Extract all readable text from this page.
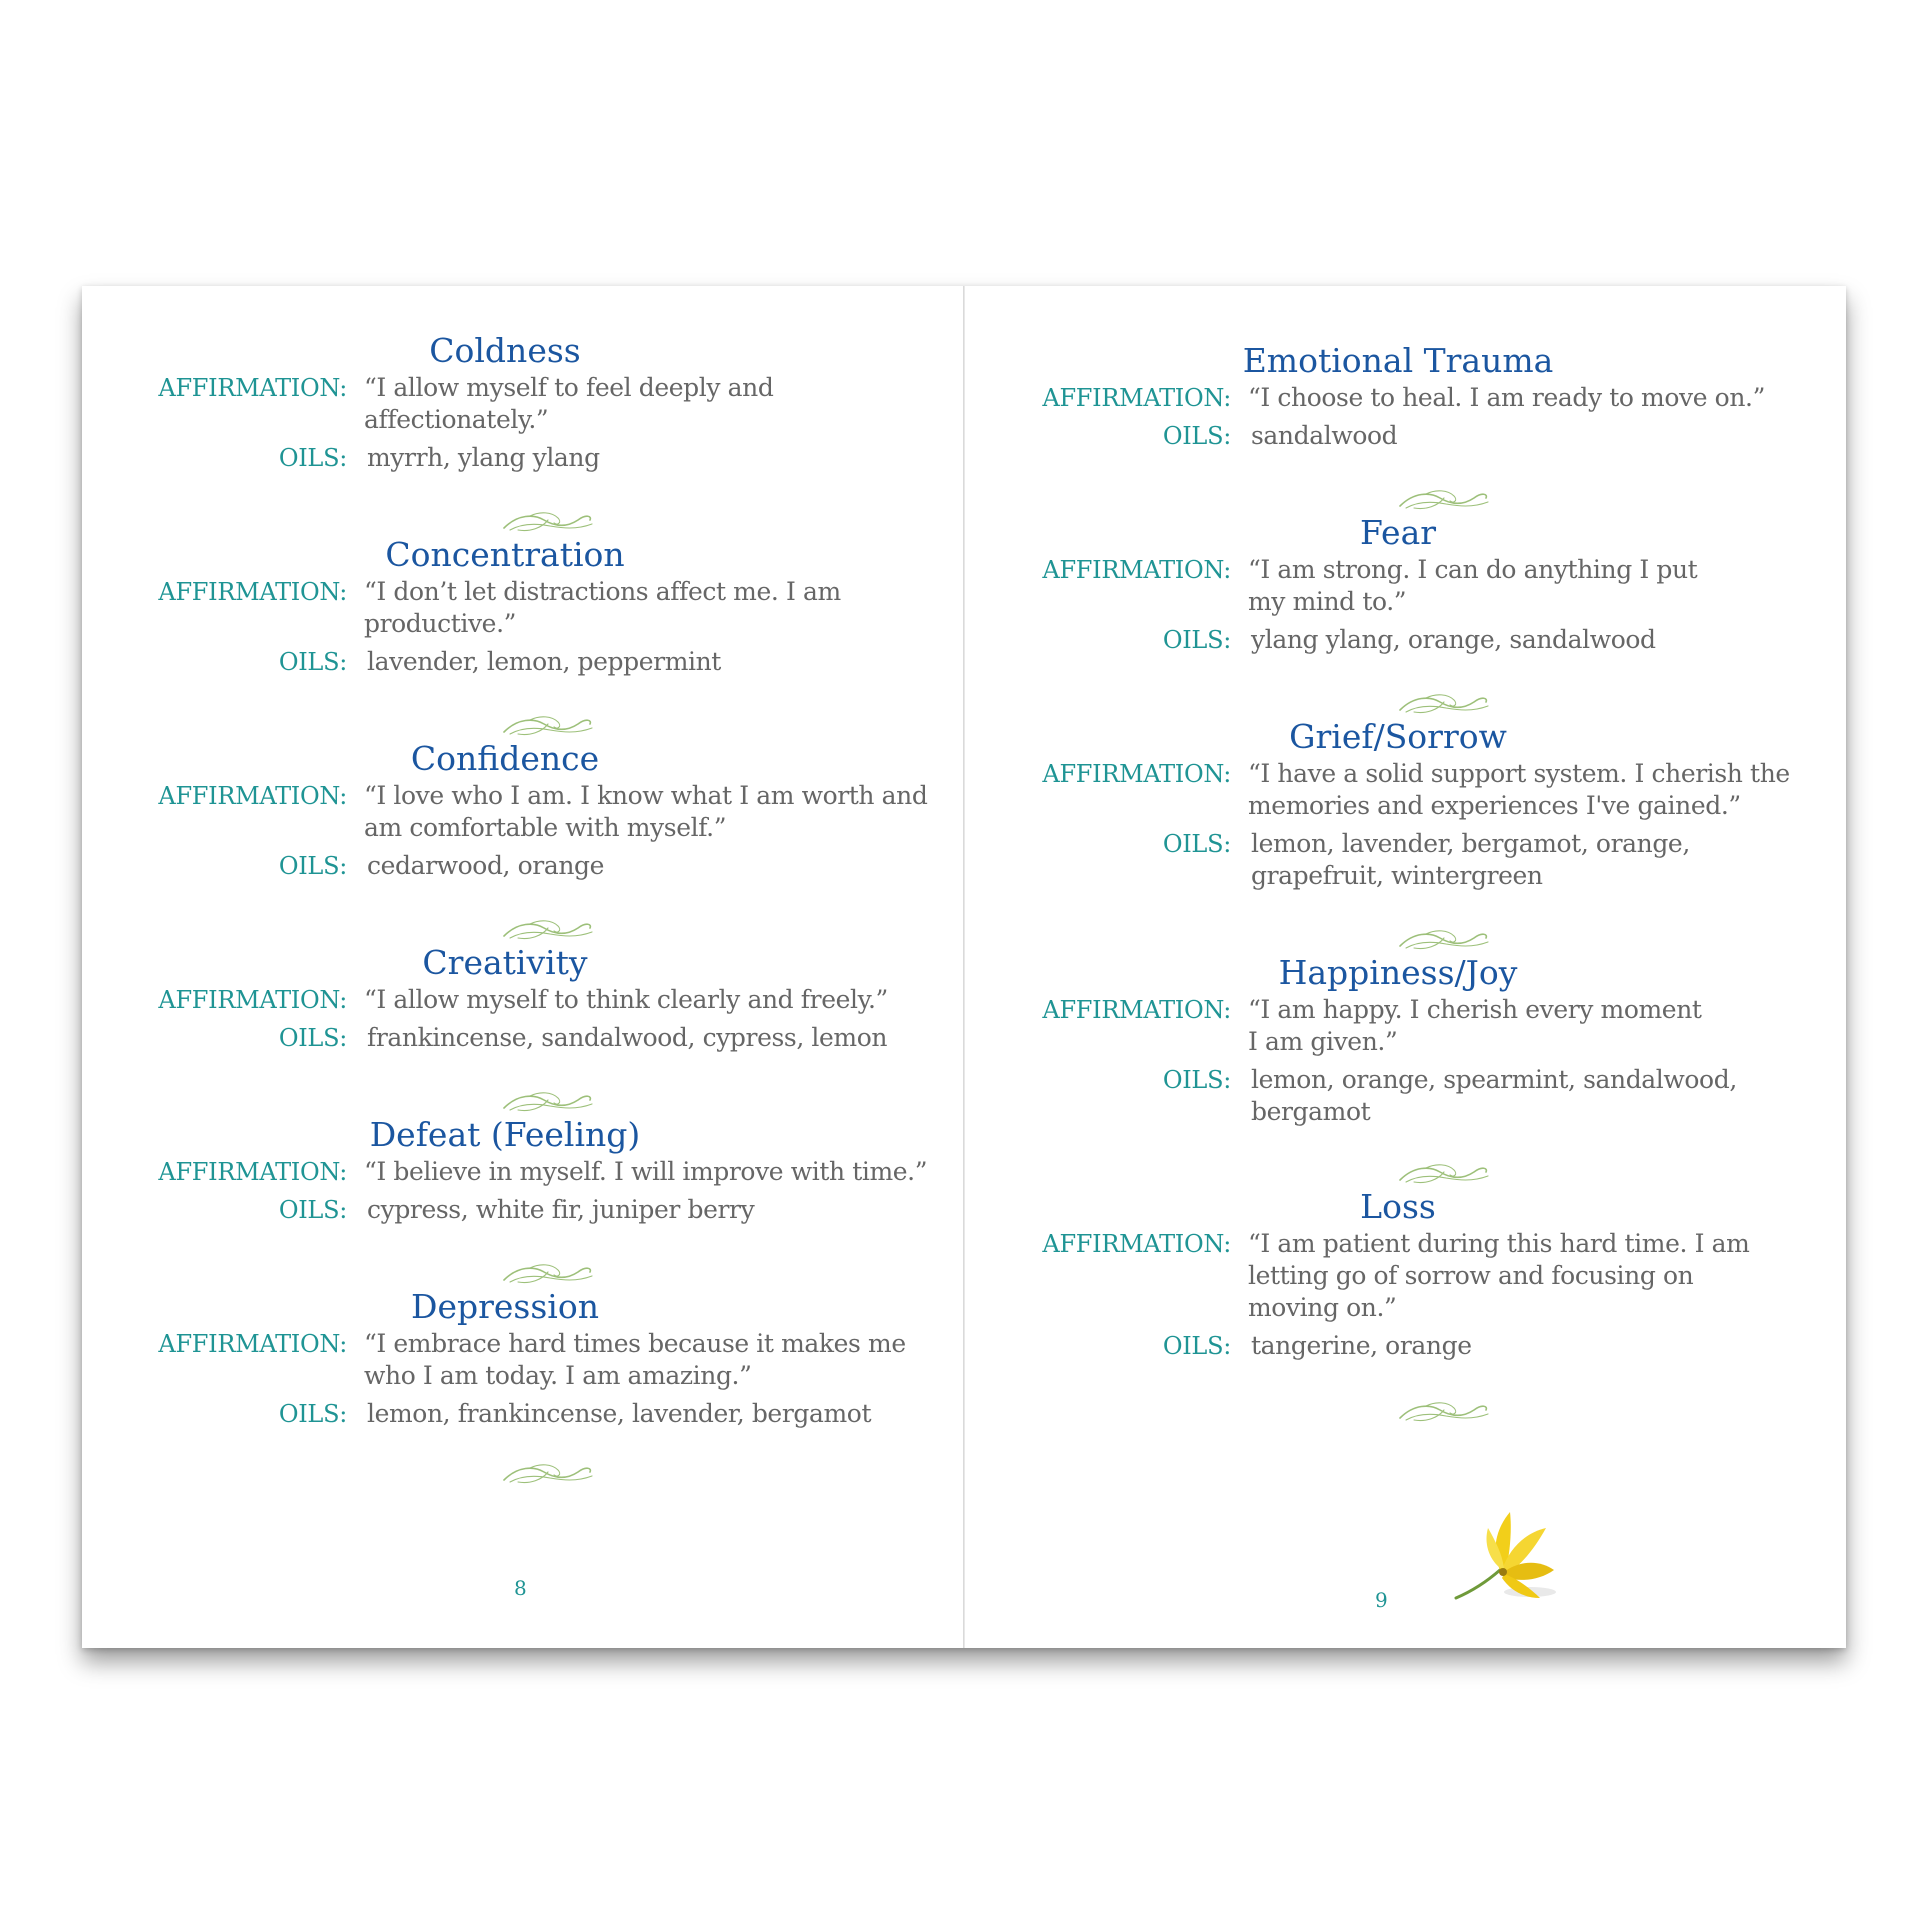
Coldness
AFFIRMATION: “I allow myself to feel deeply and
affectionately.”
OILS: myrrh, ylang ylang
Concentration
AFFIRMATION: “I don’t let distractions affect me. I am
productive.”
OILS: lavender, lemon, peppermint
Confidence
AFFIRMATION: “I love who I am. I know what I am worth and
am comfortable with myself.”
OILS: cedarwood, orange
Creativity
AFFIRMATION: “I allow myself to think clearly and freely.”
OILS: frankincense, sandalwood, cypress, lemon
Defeat (Feeling)
AFFIRMATION: “I believe in myself. I will improve with time.”
OILS: cypress, white fir, juniper berry
Depression
AFFIRMATION: “I embrace hard times because it makes me
who I am today. I am amazing.”
OILS: lemon, frankincense, lavender, bergamot
8
Emotional Trauma
AFFIRMATION: “I choose to heal. I am ready to move on.”
OILS: sandalwood
Fear
AFFIRMATION: “I am strong. I can do anything I put
my mind to.”
OILS: ylang ylang, orange, sandalwood
Grief/Sorrow
AFFIRMATION: “I have a solid support system. I cherish the
memories and experiences I've gained.”
OILS: lemon, lavender, bergamot, orange,
grapefruit, wintergreen
Happiness/Joy
AFFIRMATION: “I am happy. I cherish every moment
I am given.”
OILS: lemon, orange, spearmint, sandalwood,
bergamot
Loss
AFFIRMATION: “I am patient during this hard time. I am
letting go of sorrow and focusing on
moving on.”
OILS: tangerine, orange
9
